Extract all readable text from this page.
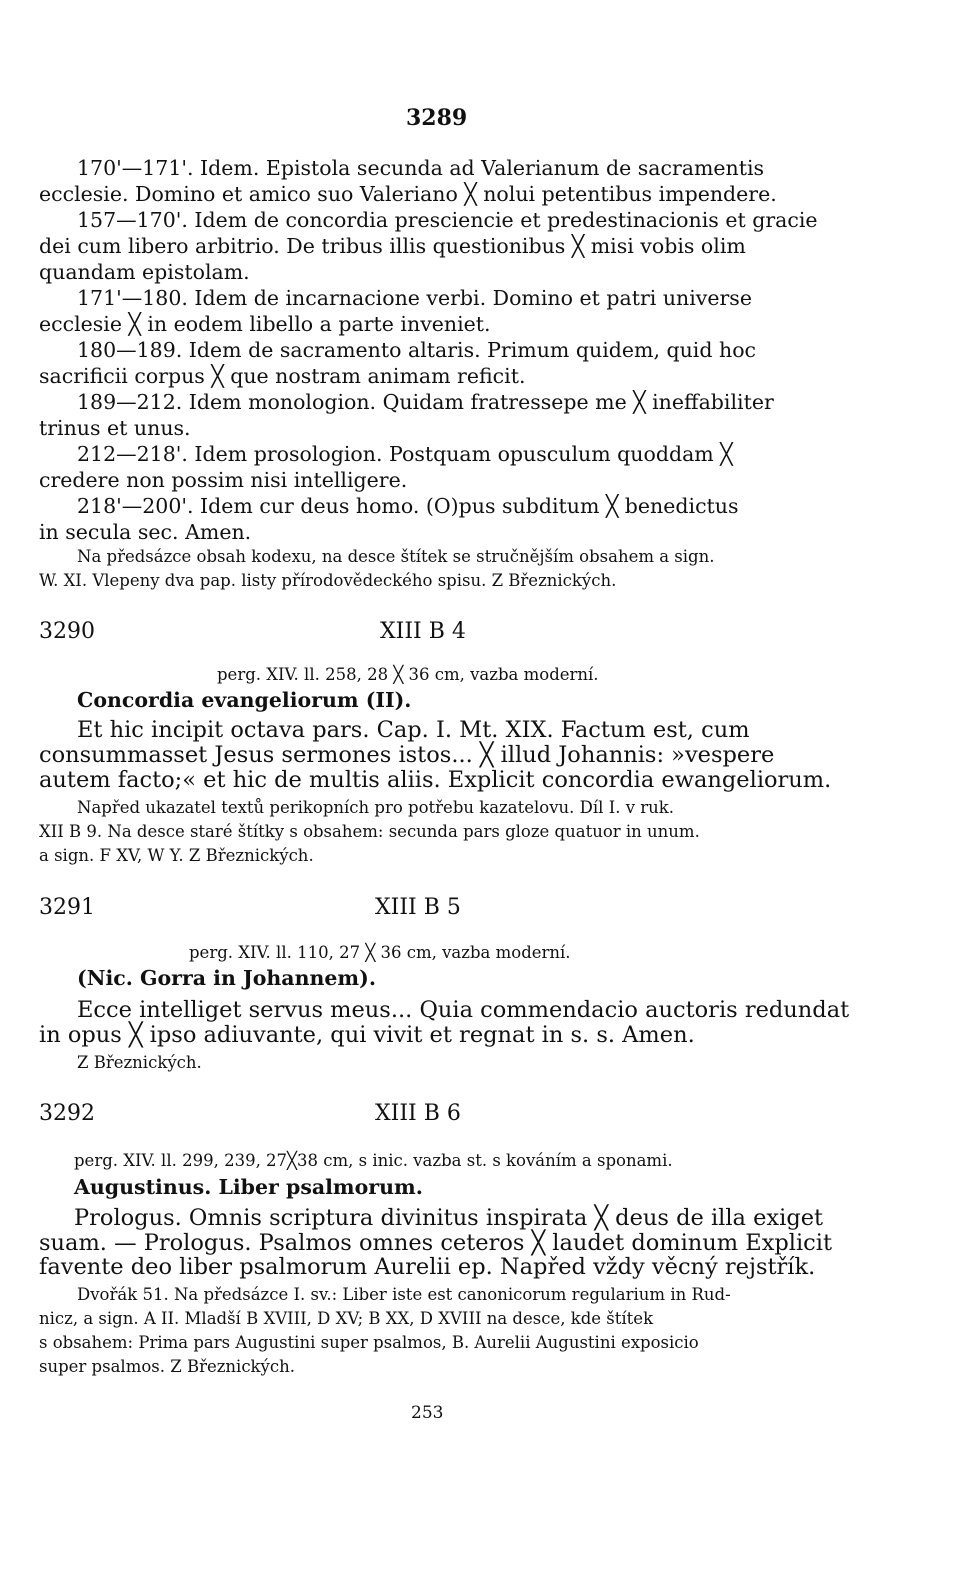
3289
170'—171'. Idem. Epistola secunda ad Valerianum de sacramentis
ecclesie. Domino et amico suo Valeriano ╳ nolui petentibus impendere.
157—170'. Idem de concordia presciencie et predestinacionis et gracie
dei cum libero arbitrio. De tribus illis questionibus ╳ misi vobis olim
quandam epistolam.
171'—180. Idem de incarnacione verbi. Domino et patri universe
ecclesie ╳ in eodem libello a parte inveniet.
180—189. Idem de sacramento altaris. Primum quidem, quid hoc
sacrificii corpus ╳ que nostram animam reficit.
189—212. Idem monologion. Quidam fratressepe me ╳ ineffabiliter
trinus et unus.
212—218'. Idem prosologion. Postquam opusculum quoddam ╳
credere non possim nisi intelligere.
218'—200'. Idem cur deus homo. (O)pus subditum ╳ benedictus
in secula sec. Amen.
Na předsázce obsah kodexu, na desce štítek se stručnějším obsahem a sign.
W. XI. Vlepeny dva pap. listy přírodovědeckého spisu. Z Březnických.
3290	XIII B 4
perg. XIV. ll. 258, 28 ╳ 36 cm, vazba moderní.
Concordia evangeliorum (II).
Et hic incipit octava pars. Cap. I. Mt. XIX. Factum est, cum
consummasset Jesus sermones istos... ╳ illud Johannis: »vespere
autem facto;« et hic de multis aliis. Explicit concordia ewangeliorum.
Napřed ukazatel textů perikopních pro potřebu kazatelovu. Díl I. v ruk.
XII B 9. Na desce staré štítky s obsahem: secunda pars gloze quatuor in unum.
a sign. F XV, W Y. Z Březnických.
3291	XIII B 5
perg. XIV. ll. 110, 27 ╳ 36 cm, vazba moderní.
(Nic. Gorra in Johannem).
Ecce intelliget servus meus... Quia commendacio auctoris redundat
in opus ╳ ipso adiuvante, qui vivit et regnat in s. s. Amen.
Z Březnických.
3292	XIII B 6
perg. XIV. ll. 299, 239, 27╳38 cm, s inic. vazba st. s kováním a sponami.
Augustinus. Liber psalmorum.
Prologus. Omnis scriptura divinitus inspirata ╳ deus de illa exiget
suam. — Prologus. Psalmos omnes ceteros ╳ laudet dominum Explicit
favente deo liber psalmorum Aurelii ep. Napřed vždy věcný rejstřík.
Dvořák 51. Na předsázce I. sv.: Liber iste est canonicorum regularium in Rud-
nicz, a sign. A II. Mladší B XVIII, D XV; B XX, D XVIII na desce, kde štítek
s obsahem: Prima pars Augustini super psalmos, B. Aurelii Augustini exposicio
super psalmos. Z Březnických.
253
